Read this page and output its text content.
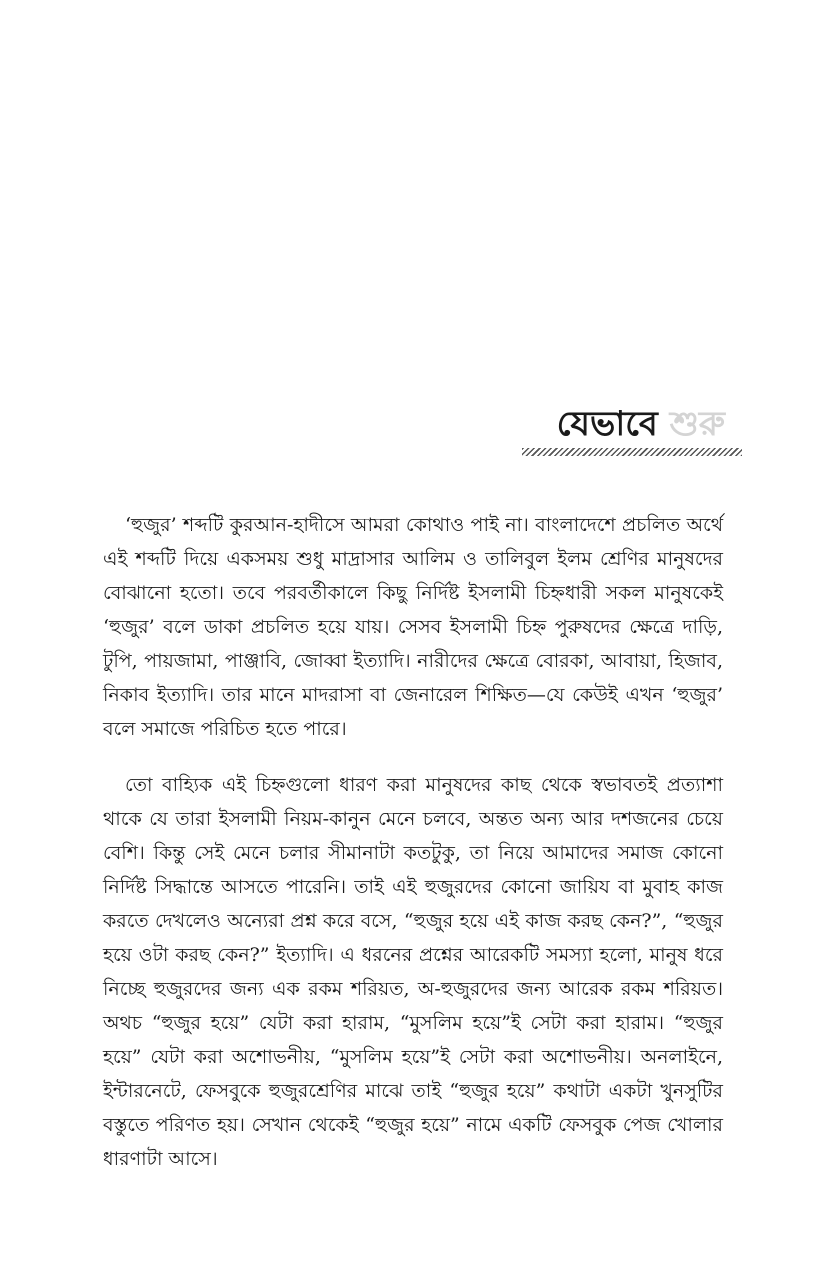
যেভাবে শুরু

‘হুজুর’ শব্দটি কুরআন-হাদীসে আমরা কোথাও পাই না। বাংলাদেশে প্রচলিত অর্থে এই শব্দটি দিয়ে একসময় শুধু মাদ্রাসার আলিম ও তালিবুল ইলম শ্রেণির মানুষদের বোঝানো হতো। তবে পরবর্তীকালে কিছু নির্দিষ্ট ইসলামী চিহ্নধারী সকল মানুষকেই ‘হুজুর’ বলে ডাকা প্রচলিত হয়ে যায়। সেসব ইসলামী চিহ্ন পুরুষদের ক্ষেত্রে দাড়ি, টুপি, পায়জামা, পাঞ্জাবি, জোব্বা ইত্যাদি। নারীদের ক্ষেত্রে বোরকা, আবায়া, হিজাব, নিকাব ইত্যাদি। তার মানে মাদরাসা বা জেনারেল শিক্ষিত—যে কেউই এখন ‘হুজুর’ বলে সমাজে পরিচিত হতে পারে।

তো বাহ্যিক এই চিহ্নগুলো ধারণ করা মানুষদের কাছ থেকে স্বভাবতই প্রত্যাশা থাকে যে তারা ইসলামী নিয়ম-কানুন মেনে চলবে, অন্তত অন্য আর দশজনের চেয়ে বেশি। কিন্তু সেই মেনে চলার সীমানাটা কতটুকু, তা নিয়ে আমাদের সমাজ কোনো নির্দিষ্ট সিদ্ধান্তে আসতে পারেনি। তাই এই হুজুরদের কোনো জায়িয বা মুবাহ কাজ করতে দেখলেও অন্যেরা প্রশ্ন করে বসে, “হুজুর হয়ে এই কাজ করছ কেন?”, “হুজুর হয়ে ওটা করছ কেন?” ইত্যাদি। এ ধরনের প্রশ্নের আরেকটি সমস্যা হলো, মানুষ ধরে নিচ্ছে হুজুরদের জন্য এক রকম শরিয়ত, অ-হুজুরদের জন্য আরেক রকম শরিয়ত। অথচ “হুজুর হয়ে” যেটা করা হারাম, “মুসলিম হয়ে”ই সেটা করা হারাম। “হুজুর হয়ে” যেটা করা অশোভনীয়, “মুসলিম হয়ে”ই সেটা করা অশোভনীয়। অনলাইনে, ইন্টারনেটে, ফেসবুকে হুজুরশ্রেণির মাঝে তাই “হুজুর হয়ে” কথাটা একটা খুনসুটির বস্তুতে পরিণত হয়। সেখান থেকেই “হুজুর হয়ে” নামে একটি ফেসবুক পেজ খোলার ধারণাটা আসে।
